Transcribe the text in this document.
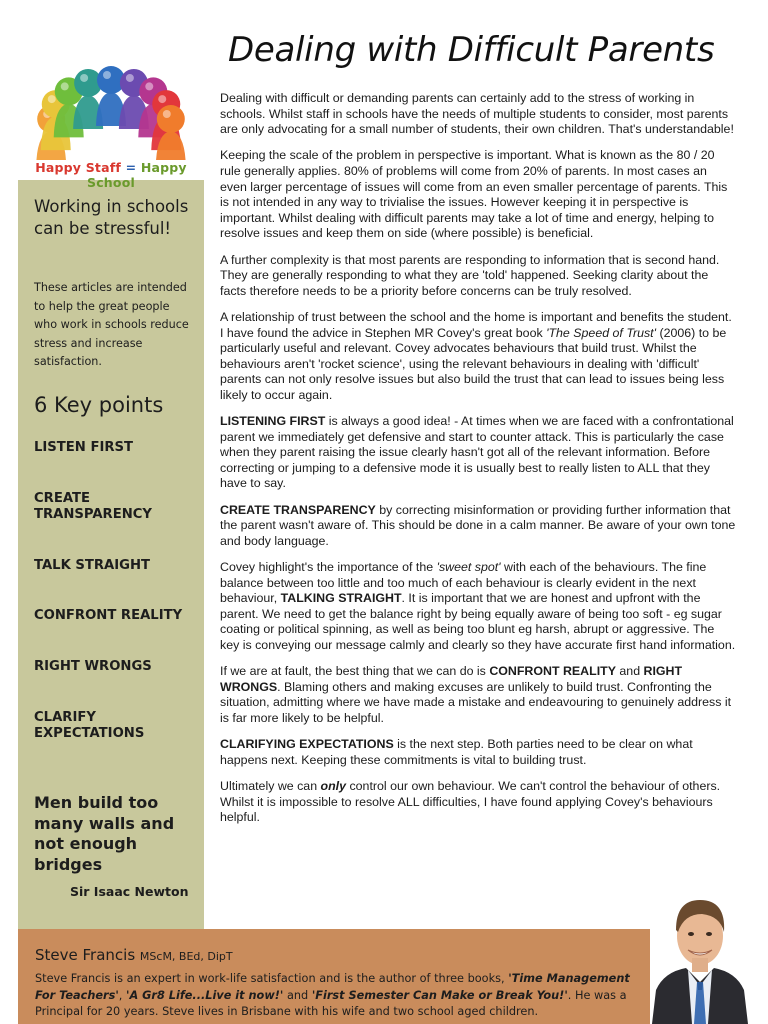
Happy Staff = Happy School
Working in schools can be stressful!
These articles are intended to help the great people who work in schools reduce stress and increase satisfaction.
6 Key points
LISTEN FIRST
CREATE TRANSPARENCY
TALK STRAIGHT
CONFRONT REALITY
RIGHT WRONGS
CLARIFY EXPECTATIONS
Men build too many walls and not enough bridges
Sir Isaac Newton
Dealing with Difficult Parents

Dealing with difficult or demanding parents can certainly add to the stress of working in schools. Whilst staff in schools have the needs of multiple students to consider, most parents are only advocating for a small number of students, their own children. That's understandable!

Keeping the scale of the problem in perspective is important. What is known as the 80 / 20 rule generally applies. 80% of problems will come from 20% of parents. In most cases an even larger percentage of issues will come from an even smaller percentage of parents. This is not intended in any way to trivialise the issues. However keeping it in perspective is important. Whilst dealing with difficult parents may take a lot of time and energy, helping to resolve issues and keep them on side (where possible) is beneficial.

A further complexity is that most parents are responding to information that is second hand. They are generally responding to what they are 'told' happened. Seeking clarity about the facts therefore needs to be a priority before concerns can be truly resolved.

A relationship of trust between the school and the home is important and benefits the student. I have found the advice in Stephen MR Covey's great book 'The Speed of Trust' (2006) to be particularly useful and relevant. Covey advocates behaviours that build trust. Whilst the behaviours aren't 'rocket science', using the relevant behaviours in dealing with 'difficult' parents can not only resolve issues but also build the trust that can lead to issues being less likely to occur again.

LISTENING FIRST is always a good idea! - At times when we are faced with a confrontational parent we immediately get defensive and start to counter attack. This is particularly the case when they parent raising the issue clearly hasn't got all of the relevant information. Before correcting or jumping to a defensive mode it is usually best to really listen to ALL that they have to say.

CREATE TRANSPARENCY by correcting misinformation or providing further information that the parent wasn't aware of. This should be done in a calm manner. Be aware of your own tone and body language.

Covey highlight's the importance of the 'sweet spot' with each of the behaviours. The fine balance between too little and too much of each behaviour is clearly evident in the next behaviour, TALKING STRAIGHT. It is important that we are honest and upfront with the parent. We need to get the balance right by being equally aware of being too soft - eg sugar coating or political spinning, as well as being too blunt eg harsh, abrupt or aggressive. The key is conveying our message calmly and clearly so they have accurate first hand information.

If we are at fault, the best thing that we can do is CONFRONT REALITY and RIGHT WRONGS. Blaming others and making excuses are unlikely to build trust. Confronting the situation, admitting where we have made a mistake and endeavouring to genuinely address it is far more likely to be helpful.

CLARIFYING EXPECTATIONS is the next step. Both parties need to be clear on what happens next. Keeping these commitments is vital to building trust.

Ultimately we can only control our own behaviour. We can't control the behaviour of others. Whilst it is impossible to resolve ALL difficulties, I have found applying Covey's behaviours helpful.

Steve Francis MScM, BEd, DipT
Steve Francis is an expert in work-life satisfaction and is the author of three books, 'Time Management For Teachers', 'A Gr8 Life...Live it now!' and 'First Semester Can Make or Break You!'. He was a Principal for 20 years. Steve lives in Brisbane with his wife and two school aged children.
